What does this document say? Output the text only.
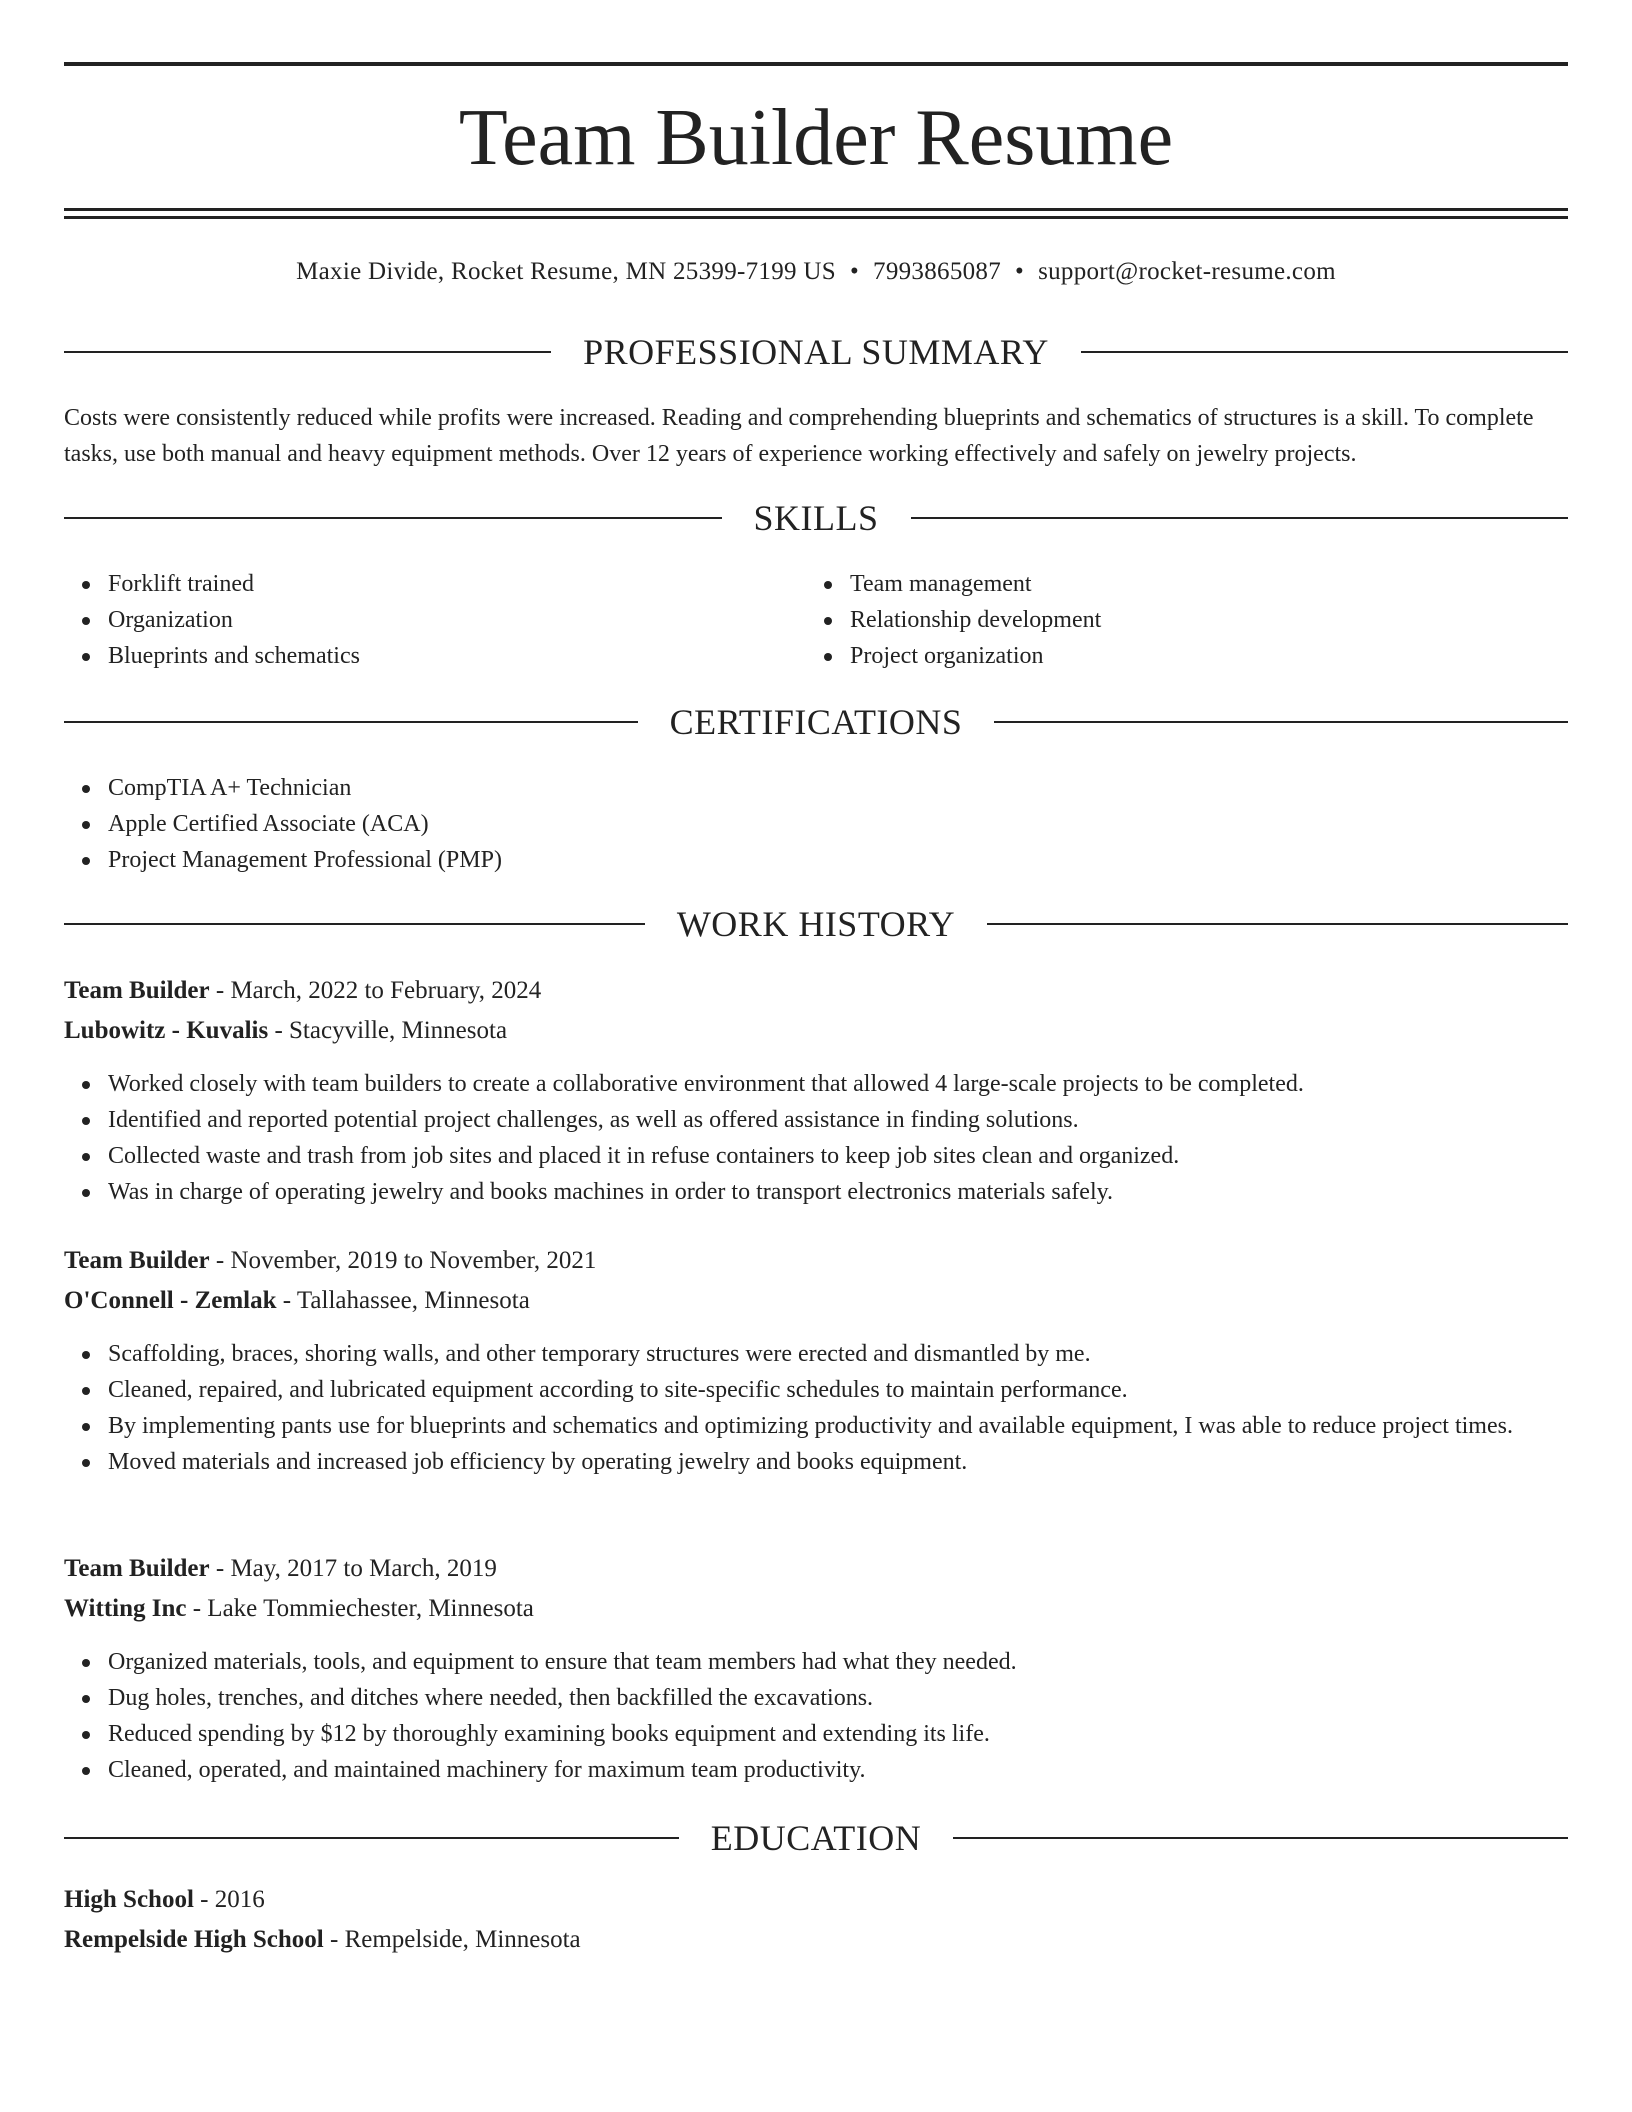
Team Builder Resume
Maxie Divide, Rocket Resume, MN 25399-7199 US • 7993865087 • support@rocket-resume.com
PROFESSIONAL SUMMARY

Costs were consistently reduced while profits were increased. Reading and comprehending blueprints and schematics of structures is a skill. To complete tasks, use both manual and heavy equipment methods. Over 12 years of experience working effectively and safely on jewelry projects.

SKILLS
Forklift trained
Organization
Blueprints and schematics
Team management
Relationship development
Project organization
CERTIFICATIONS
CompTIA A+ Technician
Apple Certified Associate (ACA)
Project Management Professional (PMP)
WORK HISTORY
Team Builder - March, 2022 to February, 2024
Lubowitz - Kuvalis - Stacyville, Minnesota
Worked closely with team builders to create a collaborative environment that allowed 4 large-scale projects to be completed.
Identified and reported potential project challenges, as well as offered assistance in finding solutions.
Collected waste and trash from job sites and placed it in refuse containers to keep job sites clean and organized.
Was in charge of operating jewelry and books machines in order to transport electronics materials safely.
Team Builder - November, 2019 to November, 2021
O'Connell - Zemlak - Tallahassee, Minnesota
Scaffolding, braces, shoring walls, and other temporary structures were erected and dismantled by me.
Cleaned, repaired, and lubricated equipment according to site-specific schedules to maintain performance.
By implementing pants use for blueprints and schematics and optimizing productivity and available equipment, I was able to reduce project times.
Moved materials and increased job efficiency by operating jewelry and books equipment.
Team Builder - May, 2017 to March, 2019
Witting Inc - Lake Tommiechester, Minnesota
Organized materials, tools, and equipment to ensure that team members had what they needed.
Dug holes, trenches, and ditches where needed, then backfilled the excavations.
Reduced spending by $12 by thoroughly examining books equipment and extending its life.
Cleaned, operated, and maintained machinery for maximum team productivity.
EDUCATION
High School - 2016
Rempelside High School - Rempelside, Minnesota
